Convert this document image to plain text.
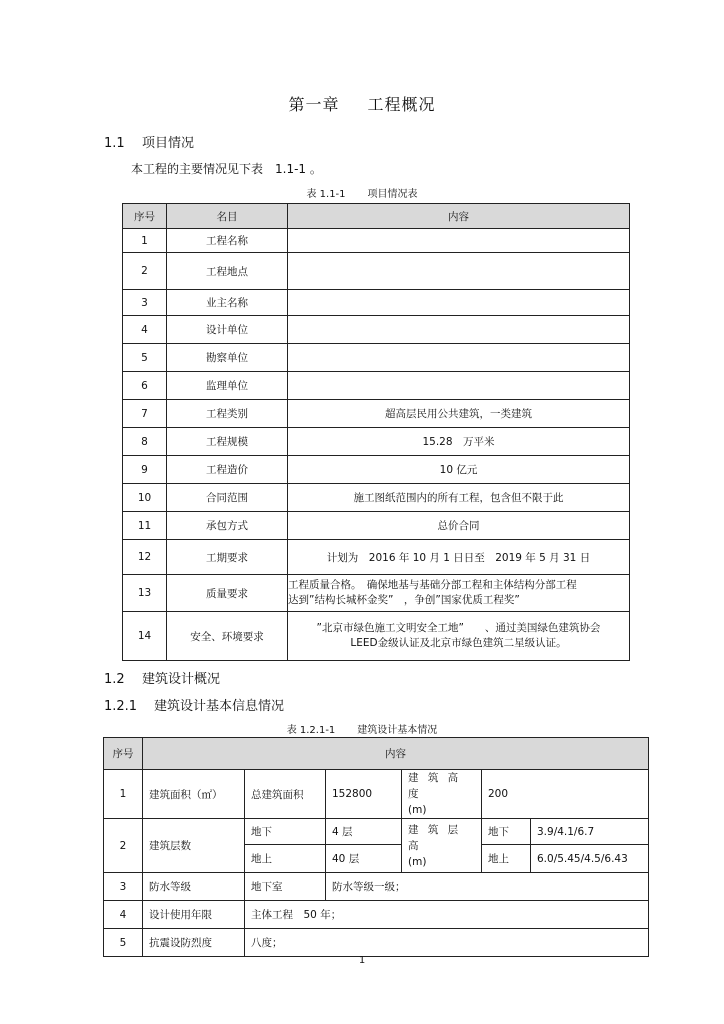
第一章 工程概况
1.1 项目情况
本工程的主要情况见下表　1.1-1 。
表 1.1-1 项目情况表
序号	名目	内容
1	工程名称	
2	工程地点	
3	业主名称	
4	设计单位	
5	勘察单位	
6	监理单位	
7	工程类别	超高层民用公共建筑，一类建筑
8	工程规模	15.28　万平米
9	工程造价	10 亿元
10	合同范围	施工图纸范围内的所有工程，包含但不限于此
11	承包方式	总价合同
12	工期要求	计划为　2016 年 10 月 1 日日至　2019 年 5 月 31 日
13	质量要求	工程质量合格。　确保地基与基础分部工程和主体结构分部工程
达到”结构长城杯金奖”　，争创”国家优质工程奖”

14	安全、环境要求	”北京市绿色施工文明安全工地”　　、通过美国绿色建筑协会
LEED金级认证及北京市绿色建筑二星级认证。
1.2 建筑设计概况
1.2.1 建筑设计基本信息情况
表 1.2.1-1 建筑设计基本情况
序号	内容					
1	建筑面积（㎡）	总建筑面积	152800	建 筑 高 度
(m)	200	
2	建筑层数	地下	4 层	建 筑 层 高
(m)	地下	3.9/4.1/6.7
		地上	40 层		地上	6.0/5.45/4.5/6.43
3	防水等级	地下室	防水等级一级；			
4	设计使用年限	主体工程　50 年；				
5	抗震设防烈度	八度；				
1
